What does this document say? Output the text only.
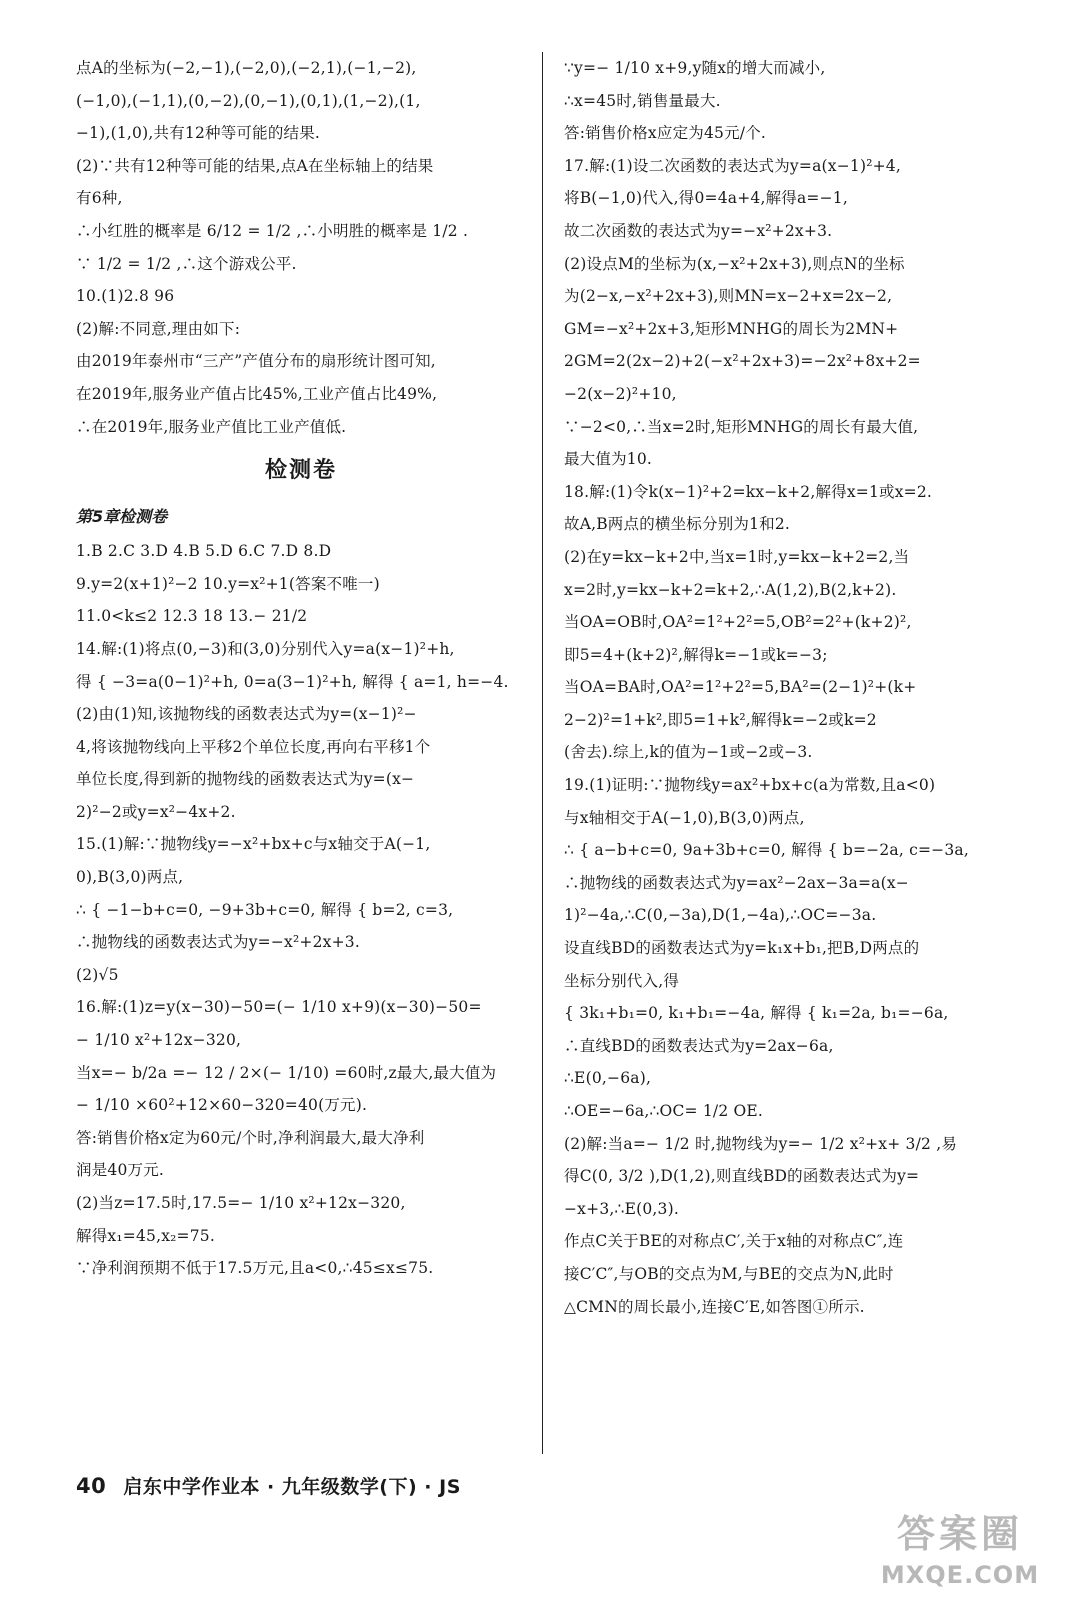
点A的坐标为(−2,−1),(−2,0),(−2,1),(−1,−2),
(−1,0),(−1,1),(0,−2),(0,−1),(0,1),(1,−2),(1,
−1),(1,0),共有12种等可能的结果.
(2)∵共有12种等可能的结果,点A在坐标轴上的结果
有6种,
∴小红胜的概率是 6/12 = 1/2 ,∴小明胜的概率是 1/2 .
∵ 1/2 = 1/2 ,∴这个游戏公平.
10.(1)2.8 96
(2)解:不同意,理由如下:
由2019年泰州市“三产”产值分布的扇形统计图可知,
在2019年,服务业产值占比45%,工业产值占比49%,
∴在2019年,服务业产值比工业产值低.
检测卷
第5章检测卷
1.B 2.C 3.D 4.B 5.D 6.C 7.D 8.D
9.y=2(x+1)²−2 10.y=x²+1(答案不唯一)
11.0<k≤2 12.3 18 13.− 21/2
14.解:(1)将点(0,−3)和(3,0)分别代入y=a(x−1)²+h,
得 { −3=a(0−1)²+h, 0=a(3−1)²+h, 解得 { a=1, h=−4.
(2)由(1)知,该抛物线的函数表达式为y=(x−1)²−
4,将该抛物线向上平移2个单位长度,再向右平移1个
单位长度,得到新的抛物线的函数表达式为y=(x−
2)²−2或y=x²−4x+2.
15.(1)解:∵抛物线y=−x²+bx+c与x轴交于A(−1,
0),B(3,0)两点,
∴ { −1−b+c=0, −9+3b+c=0, 解得 { b=2, c=3,
∴抛物线的函数表达式为y=−x²+2x+3.
(2)√5
16.解:(1)z=y(x−30)−50=(− 1/10 x+9)(x−30)−50=
− 1/10 x²+12x−320,
当x=− b/2a =− 12 / 2×(− 1/10) =60时,z最大,最大值为
− 1/10 ×60²+12×60−320=40(万元).
答:销售价格x定为60元/个时,净利润最大,最大净利
润是40万元.
(2)当z=17.5时,17.5=− 1/10 x²+12x−320,
解得x₁=45,x₂=75.
∵净利润预期不低于17.5万元,且a<0,∴45≤x≤75.
∵y=− 1/10 x+9,y随x的增大而减小,
∴x=45时,销售量最大.
答:销售价格x应定为45元/个.
17.解:(1)设二次函数的表达式为y=a(x−1)²+4,
将B(−1,0)代入,得0=4a+4,解得a=−1,
故二次函数的表达式为y=−x²+2x+3.
(2)设点M的坐标为(x,−x²+2x+3),则点N的坐标
为(2−x,−x²+2x+3),则MN=x−2+x=2x−2,
GM=−x²+2x+3,矩形MNHG的周长为2MN+
2GM=2(2x−2)+2(−x²+2x+3)=−2x²+8x+2=
−2(x−2)²+10,
∵−2<0,∴当x=2时,矩形MNHG的周长有最大值,
最大值为10.
18.解:(1)令k(x−1)²+2=kx−k+2,解得x=1或x=2.
故A,B两点的横坐标分别为1和2.
(2)在y=kx−k+2中,当x=1时,y=kx−k+2=2,当
x=2时,y=kx−k+2=k+2,∴A(1,2),B(2,k+2).
当OA=OB时,OA²=1²+2²=5,OB²=2²+(k+2)²,
即5=4+(k+2)²,解得k=−1或k=−3;
当OA=BA时,OA²=1²+2²=5,BA²=(2−1)²+(k+
2−2)²=1+k²,即5=1+k²,解得k=−2或k=2
(舍去).综上,k的值为−1或−2或−3.
19.(1)证明:∵抛物线y=ax²+bx+c(a为常数,且a<0)
与x轴相交于A(−1,0),B(3,0)两点,
∴ { a−b+c=0, 9a+3b+c=0, 解得 { b=−2a, c=−3a,
∴抛物线的函数表达式为y=ax²−2ax−3a=a(x−
1)²−4a,∴C(0,−3a),D(1,−4a),∴OC=−3a.
设直线BD的函数表达式为y=k₁x+b₁,把B,D两点的
坐标分别代入,得
{ 3k₁+b₁=0, k₁+b₁=−4a, 解得 { k₁=2a, b₁=−6a,
∴直线BD的函数表达式为y=2ax−6a,
∴E(0,−6a),
∴OE=−6a,∴OC= 1/2 OE.
(2)解:当a=− 1/2 时,抛物线为y=− 1/2 x²+x+ 3/2 ,易
得C(0, 3/2 ),D(1,2),则直线BD的函数表达式为y=
−x+3,∴E(0,3).
作点C关于BE的对称点C′,关于x轴的对称点C″,连
接C′C″,与OB的交点为M,与BE的交点为N,此时
△CMN的周长最小,连接C′E,如答图①所示.
40 启东中学作业本 · 九年级数学(下) · JS
答案圈
MXQE.COM
